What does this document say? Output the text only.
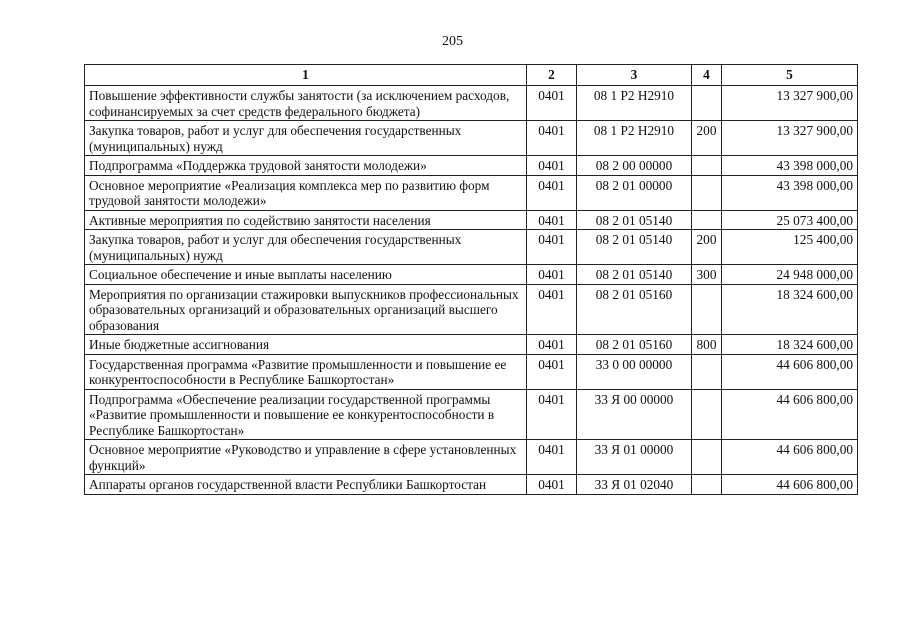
205
1	2	3	4	5
Повышение эффективности службы занятости (за исключением расходов, софинансируемых за счет средств федерального бюджета)	0401	08 1 P2 H2910		13 327 900,00
Закупка товаров, работ и услуг для обеспечения государственных (муниципальных) нужд	0401	08 1 P2 H2910	200	13 327 900,00
Подпрограмма «Поддержка трудовой занятости молодежи»	0401	08 2 00 00000		43 398 000,00
Основное мероприятие «Реализация комплекса мер по развитию форм трудовой занятости молодежи»	0401	08 2 01 00000		43 398 000,00
Активные мероприятия по содействию занятости населения	0401	08 2 01 05140		25 073 400,00
Закупка товаров, работ и услуг для обеспечения государственных (муниципальных) нужд	0401	08 2 01 05140	200	125 400,00
Социальное обеспечение и иные выплаты населению	0401	08 2 01 05140	300	24 948 000,00
Мероприятия по организации стажировки выпускников профессиональных образовательных организаций и образовательных организаций высшего образования	0401	08 2 01 05160		18 324 600,00
Иные бюджетные ассигнования	0401	08 2 01 05160	800	18 324 600,00
Государственная программа «Развитие промышленности и повышение ее конкурентоспособности в Республике Башкортостан»	0401	33 0 00 00000		44 606 800,00
Подпрограмма «Обеспечение реализации государственной программы «Развитие промышленности и повышение ее конкурентоспособности в Республике Башкортостан»	0401	33 Я 00 00000		44 606 800,00
Основное мероприятие «Руководство и управление в сфере установленных функций»	0401	33 Я 01 00000		44 606 800,00
Аппараты органов государственной власти Республики Башкортостан	0401	33 Я 01 02040		44 606 800,00
